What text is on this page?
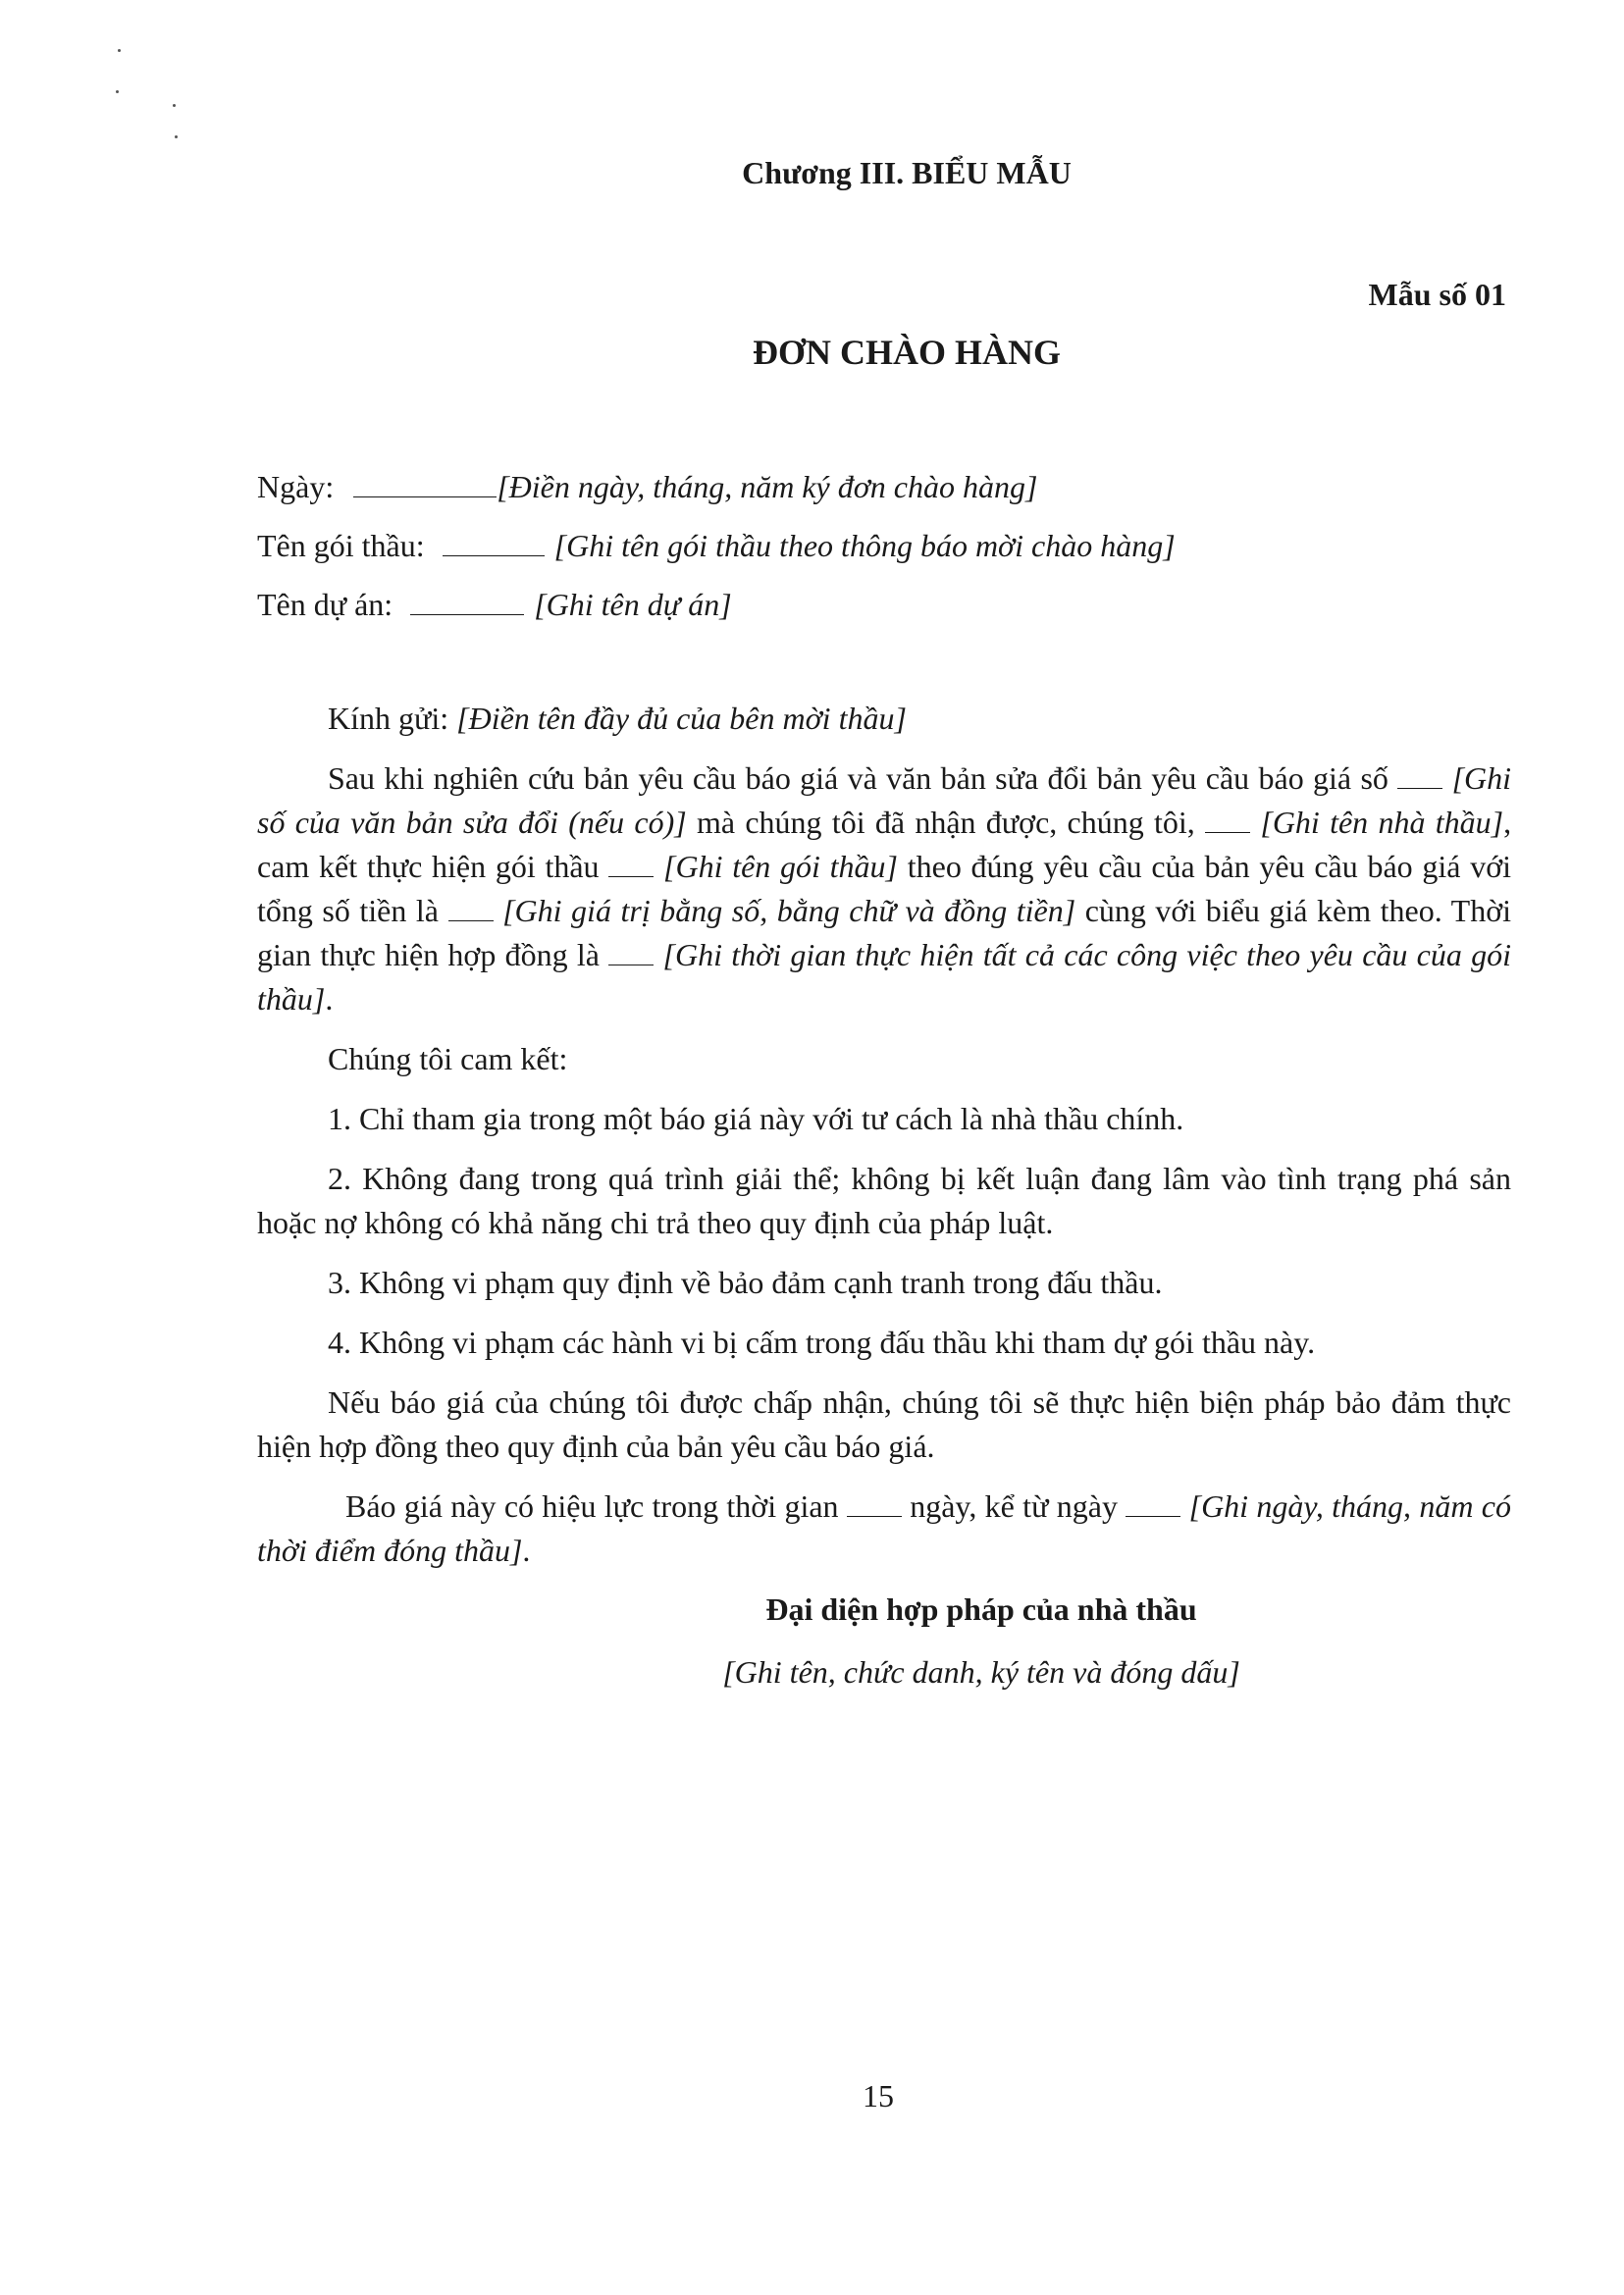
Chương III. BIỂU MẪU
Mẫu số 01
ĐƠN CHÀO HÀNG
Ngày:	[Điền ngày, tháng, năm ký đơn chào hàng]
Tên gói thầu:	[Ghi tên gói thầu theo thông báo mời chào hàng]
Tên dự án:	[Ghi tên dự án]

Kính gửi: [Điền tên đầy đủ của bên mời thầu]

Sau khi nghiên cứu bản yêu cầu báo giá và văn bản sửa đổi bản yêu cầu báo giá số [Ghi số của văn bản sửa đổi (nếu có)] mà chúng tôi đã nhận được, chúng tôi, [Ghi tên nhà thầu], cam kết thực hiện gói thầu [Ghi tên gói thầu] theo đúng yêu cầu của bản yêu cầu báo giá với tổng số tiền là [Ghi giá trị bằng số, bằng chữ và đồng tiền] cùng với biểu giá kèm theo. Thời gian thực hiện hợp đồng là [Ghi thời gian thực hiện tất cả các công việc theo yêu cầu của gói thầu].

Chúng tôi cam kết:

1. Chỉ tham gia trong một báo giá này với tư cách là nhà thầu chính.

2. Không đang trong quá trình giải thể; không bị kết luận đang lâm vào tình trạng phá sản hoặc nợ không có khả năng chi trả theo quy định của pháp luật.

3. Không vi phạm quy định về bảo đảm cạnh tranh trong đấu thầu.

4. Không vi phạm các hành vi bị cấm trong đấu thầu khi tham dự gói thầu này.

Nếu báo giá của chúng tôi được chấp nhận, chúng tôi sẽ thực hiện biện pháp bảo đảm thực hiện hợp đồng theo quy định của bản yêu cầu báo giá.

Báo giá này có hiệu lực trong thời gian ngày, kể từ ngày [Ghi ngày, tháng, năm có thời điểm đóng thầu].

Đại diện hợp pháp của nhà thầu
[Ghi tên, chức danh, ký tên và đóng dấu]
15
